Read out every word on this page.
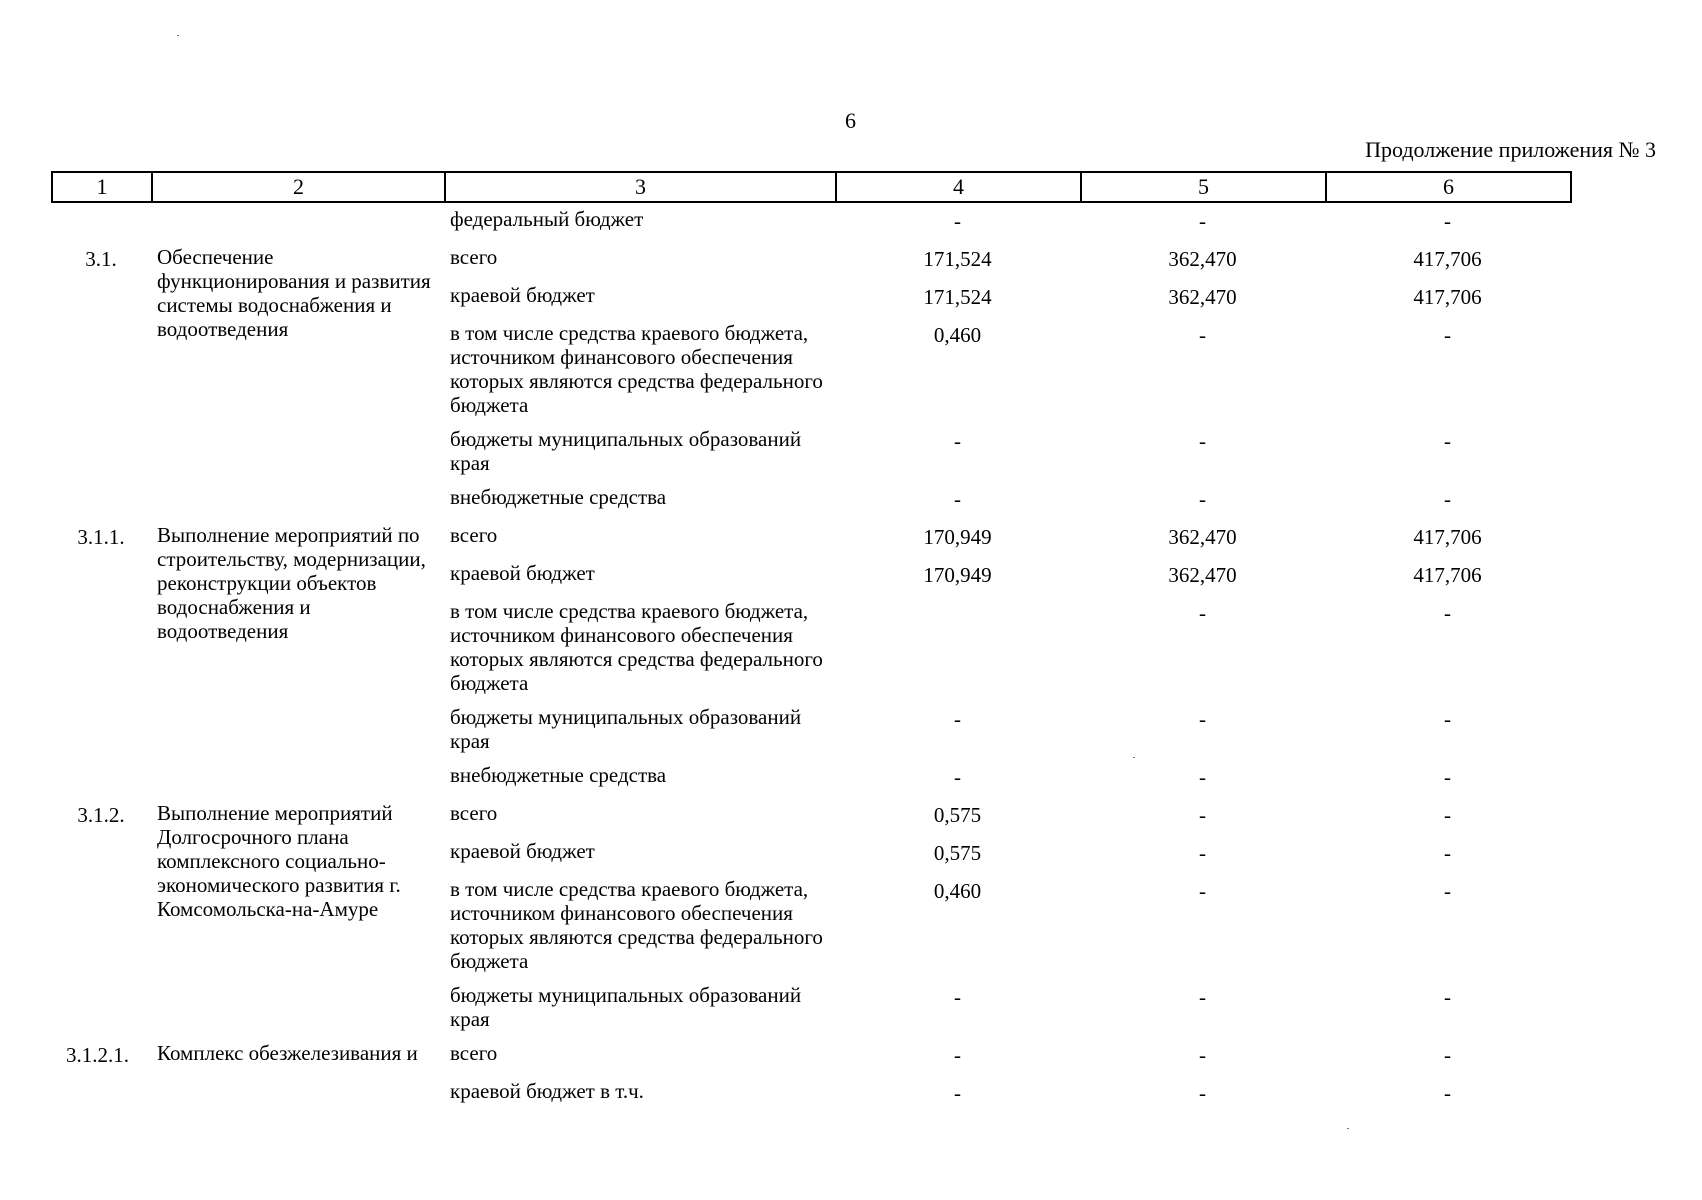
6
Продолжение приложения № 3
1	2	3	4	5	6
		федеральный бюджет	-	-	-
3.1.	Обеспечение функционирования и развития системы водоснабжения и водоотведения	всего	171,524	362,470	417,706
		краевой бюджет	171,524	362,470	417,706
		в том числе средства краевого бюджета, источником финансового обеспечения которых являются средства федерального бюджета	0,460	-	-
		бюджеты муниципальных образований края	-	-	-
		внебюджетные средства	-	-	-
3.1.1.	Выполнение мероприятий по строительству, модернизации, реконструкции объектов водоснабжения и водоотведения	всего	170,949	362,470	417,706
		краевой бюджет	170,949	362,470	417,706
		в том числе средства краевого бюджета, источником финансового обеспечения которых являются средства федерального бюджета		-	-
		бюджеты муниципальных образований края	-	-	-
		внебюджетные средства	-	-	-
3.1.2.	Выполнение мероприятий Долгосрочного плана комплексного социально-экономического развития г. Комсомольска-на-Амуре	всего	0,575	-	-
		краевой бюджет	0,575	-	-
		в том числе средства краевого бюджета, источником финансового обеспечения которых являются средства федерального бюджета	0,460	-	-
		бюджеты муниципальных образований края	-	-	-
3.1.2.1.	Комплекс обезжелезивания и	всего	-	-	-
		краевой бюджет в т.ч.	-	-	-
